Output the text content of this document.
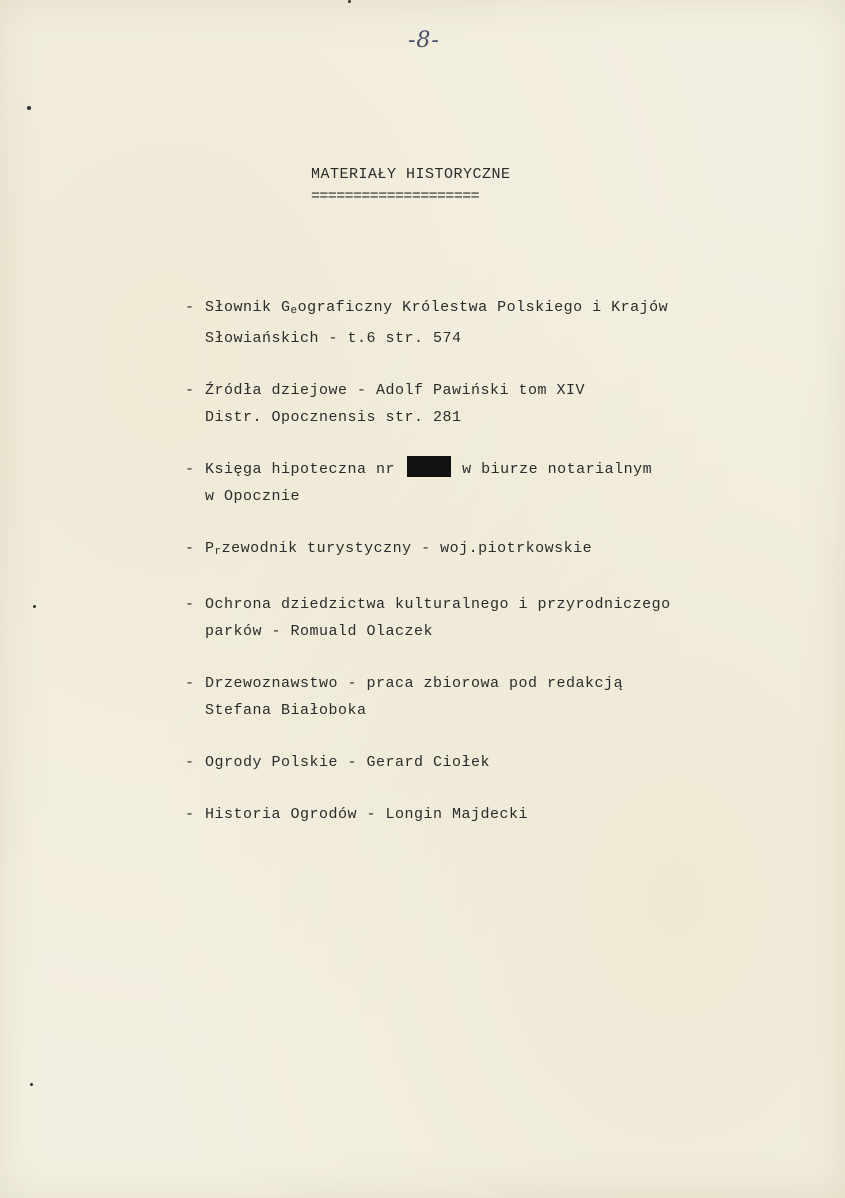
-8-
MATERIAŁY HISTORYCZNE
====================
- Słownik Geograficzny Królestwa Polskiego i Krajów
Słowiańskich - t.6 str. 574
- Źródła dziejowe - Adolf Pawiński tom XIV
Distr. Opocznensis str. 281
- Księga hipoteczna nr	w biurze notarialnym
w Opocznie
- Przewodnik turystyczny - woj.piotrkowskie
- Ochrona dziedzictwa kulturalnego i przyrodniczego
parków - Romuald Olaczek
- Drzewoznawstwo - praca zbiorowa pod redakcją
Stefana Białoboka
- Ogrody Polskie - Gerard Ciołek
- Historia Ogrodów - Longin Majdecki
